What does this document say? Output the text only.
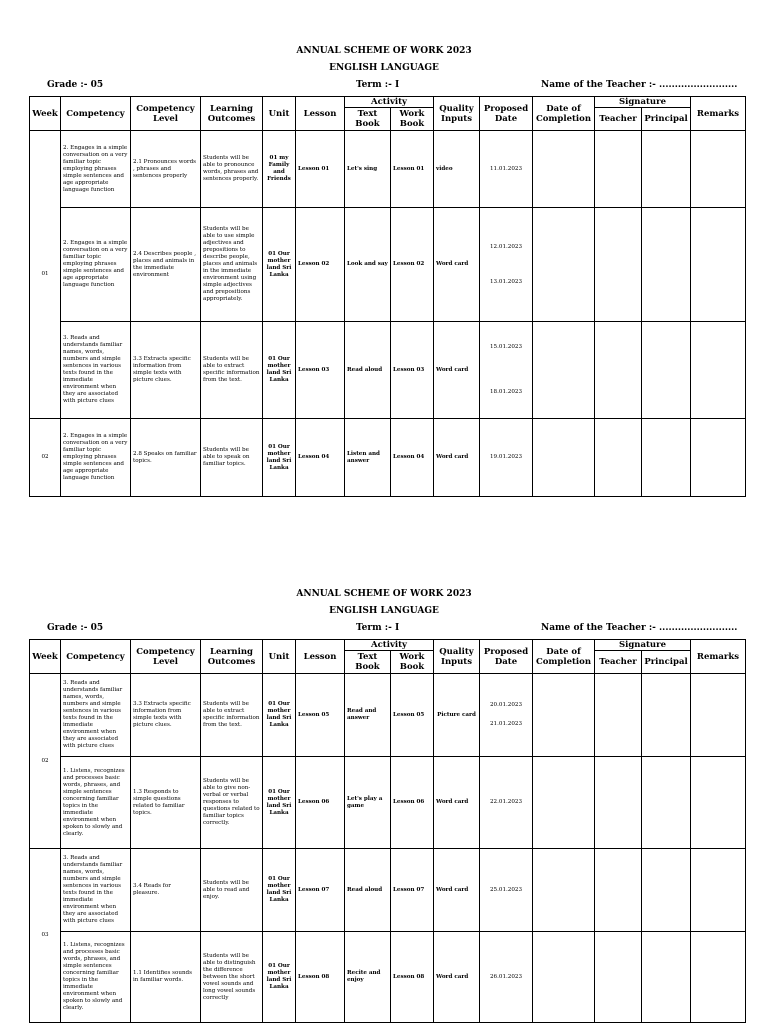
ANNUAL SCHEME OF WORK 2023
ENGLISH LANGUAGE
Grade :- 05	Term :- I	Name of the Teacher :- .........................
Week	Competency	Competency Level	Learning Outcomes	Unit	Lesson	Activity		Quality Inputs	Proposed Date	Date of Completion	Signature		Remarks
						Text Book	Work Book				Teacher	Principal	
01	2. Engages in a simple conversation on a very familiar topic employing phrases simple sentences and age appropriate language function	2.1 Pronounces words , phrases and sentences properly	Students will be able to pronounce words, phrases and sentences properly.	01 my Family and Friends	Lesson 01	Let's sing	Lesson 01	video	11.01.2023				
	2. Engages in a simple conversation on a very familiar topic employing phrases simple sentences and age appropriate language function	2.4 Describes people , places and animals in the immediate environment	Students will be able to use simple adjectives and prepositions to describe people, places and animals in the immediate environment using simple adjectives and prepositions appropriately.	01 Our mother land Sri Lanka	Lesson 02	Look and say	Lesson 02	Word card	12.01.2023
13.01.2023				

	3. Reads and understands familiar names, words, numbers and simple sentences in various texts found in the immediate environment when they are associated with picture clues	3.3 Extracts specific information from simple texts with picture clues.	Students will be able to extract specific information from the text.	01 Our mother land Sri Lanka	Lesson 03	Read aloud	Lesson 03	Word card	15.01.2023
18.01.2023				

02	2. Engages in a simple conversation on a very familiar topic employing phrases simple sentences and age appropriate language function	2.8 Speaks on familiar topics.	Students will be able to speak on familiar topics.	01 Our mother land Sri Lanka	Lesson 04	Listen and answer	Lesson 04	Word card	19.01.2023				
ANNUAL SCHEME OF WORK 2023
ENGLISH LANGUAGE
Grade :- 05	Term :- I	Name of the Teacher :- .........................
Week	Competency	Competency Level	Learning Outcomes	Unit	Lesson	Activity		Quality Inputs	Proposed Date	Date of Completion	Signature		Remarks
						Text Book	Work Book				Teacher	Principal	
02	3. Reads and understands familiar names, words, numbers and simple sentences in various texts found in the immediate environment when they are associated with picture clues	3.3 Extracts specific information from simple texts with picture clues.	Students will be able to extract specific information from the text.	01 Our mother land Sri Lanka	Lesson 05	Read and answer	Lesson 05	Picture card	20.01.2023
21.01.2023				

	1. Listens, recognizes and processes basic words, phrases, and simple sentences concerning familiar topics in the immediate environment when spoken to slowly and clearly.	1.3 Responds to simple questions related to familiar topics.	Students will be able to give non-verbal or verbal responses to questions related to familiar topics correctly.	01 Our mother land Sri Lanka	Lesson 06	Let's play a game	Lesson 06	Word card	22.01.2023				
03	3. Reads and understands familiar names, words, numbers and simple sentences in various texts found in the immediate environment when they are associated with picture clues	3.4 Reads for pleasure.	Students will be able to read and enjoy.	01 Our mother land Sri Lanka	Lesson 07	Read aloud	Lesson 07	Word card	25.01.2023				
	1. Listens, recognizes and processes basic words, phrases, and simple sentences concerning familiar topics in the immediate environment when spoken to slowly and clearly.	1.1 Identifies sounds in familiar words.	Students will be able to distinguish the difference between the short vowel sounds and long vowel sounds correctly	01 Our mother land Sri Lanka	Lesson 08	Recite and enjoy	Lesson 08	Word card	26.01.2023				
